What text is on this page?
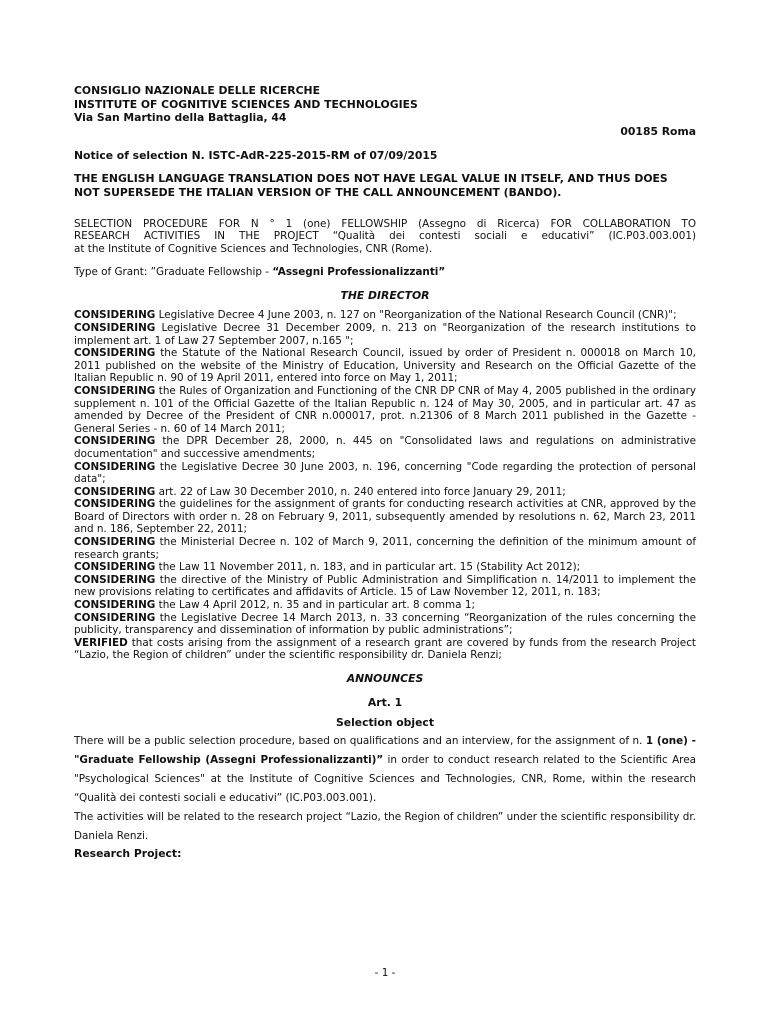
CONSIGLIO NAZIONALE DELLE RICERCHE

INSTITUTE OF COGNITIVE SCIENCES AND TECHNOLOGIES

Via San Martino della Battaglia, 44

00185 Roma

Notice of selection N. ISTC-AdR-225-2015-RM of 07/09/2015

THE ENGLISH LANGUAGE TRANSLATION DOES NOT HAVE LEGAL VALUE IN ITSELF, AND THUS DOES NOT SUPERSEDE THE ITALIAN VERSION OF THE CALL ANNOUNCEMENT (BANDO).

SELECTION PROCEDURE FOR N ° 1 (one) FELLOWSHIP (Assegno di Ricerca) FOR COLLABORATION TO
RESEARCH ACTIVITIES IN THE PROJECT “Qualità dei contesti sociali e educativi” (IC.P03.003.001)
at the Institute of Cognitive Sciences and Technologies, CNR (Rome).

Type of Grant: ”Graduate Fellowship - “Assegni Professionalizzanti”

THE DIRECTOR

CONSIDERING Legislative Decree 4 June 2003, n. 127 on "Reorganization of the National Research Council (CNR)";

CONSIDERING Legislative Decree 31 December 2009, n. 213 on "Reorganization of the research institutions to implement art. 1 of Law 27 September 2007, n.165 ";

CONSIDERING the Statute of the National Research Council, issued by order of President n. 000018 on March 10, 2011 published on the website of the Ministry of Education, University and Research on the Official Gazette of the Italian Republic n. 90 of 19 April 2011, entered into force on May 1, 2011;

CONSIDERING the Rules of Organization and Functioning of the CNR DP CNR of May 4, 2005 published in the ordinary supplement n. 101 of the Official Gazette of the Italian Republic n. 124 of May 30, 2005, and in particular art. 47 as amended by Decree of the President of CNR n.000017, prot. n.21306 of 8 March 2011 published in the Gazette - General Series - n. 60 of 14 March 2011;

CONSIDERING the DPR December 28, 2000, n. 445 on "Consolidated laws and regulations on administrative documentation" and successive amendments;

CONSIDERING the Legislative Decree 30 June 2003, n. 196, concerning "Code regarding the protection of personal data";

CONSIDERING art. 22 of Law 30 December 2010, n. 240 entered into force January 29, 2011;

CONSIDERING the guidelines for the assignment of grants for conducting research activities at CNR, approved by the Board of Directors with order n. 28 on February 9, 2011, subsequently amended by resolutions n. 62, March 23, 2011 and n. 186, September 22, 2011;

CONSIDERING the Ministerial Decree n. 102 of March 9, 2011, concerning the definition of the minimum amount of research grants;

CONSIDERING the Law 11 November 2011, n. 183, and in particular art. 15 (Stability Act 2012);

CONSIDERING the directive of the Ministry of Public Administration and Simplification n. 14/2011 to implement the new provisions relating to certificates and affidavits of Article. 15 of Law November 12, 2011, n. 183;

CONSIDERING the Law 4 April 2012, n. 35 and in particular art. 8 comma 1;

CONSIDERING the Legislative Decree 14 March 2013, n. 33 concerning “Reorganization of the rules concerning the publicity, transparency and dissemination of information by public administrations”;

VERIFIED that costs arising from the assignment of a research grant are covered by funds from the research Project “Lazio, the Region of children” under the scientific responsibility dr. Daniela Renzi;

ANNOUNCES

Art. 1

Selection object

There will be a public selection procedure, based on qualifications and an interview, for the assignment of n. 1 (one) - "Graduate Fellowship (Assegni Professionalizzanti)” in order to conduct research related to the Scientific Area "Psychological Sciences" at the Institute of Cognitive Sciences and Technologies, CNR, Rome, within the research “Qualità dei contesti sociali e educativi” (IC.P03.003.001).

The activities will be related to the research project “Lazio, the Region of children” under the scientific responsibility dr. Daniela Renzi.

Research Project:

- 1 -
